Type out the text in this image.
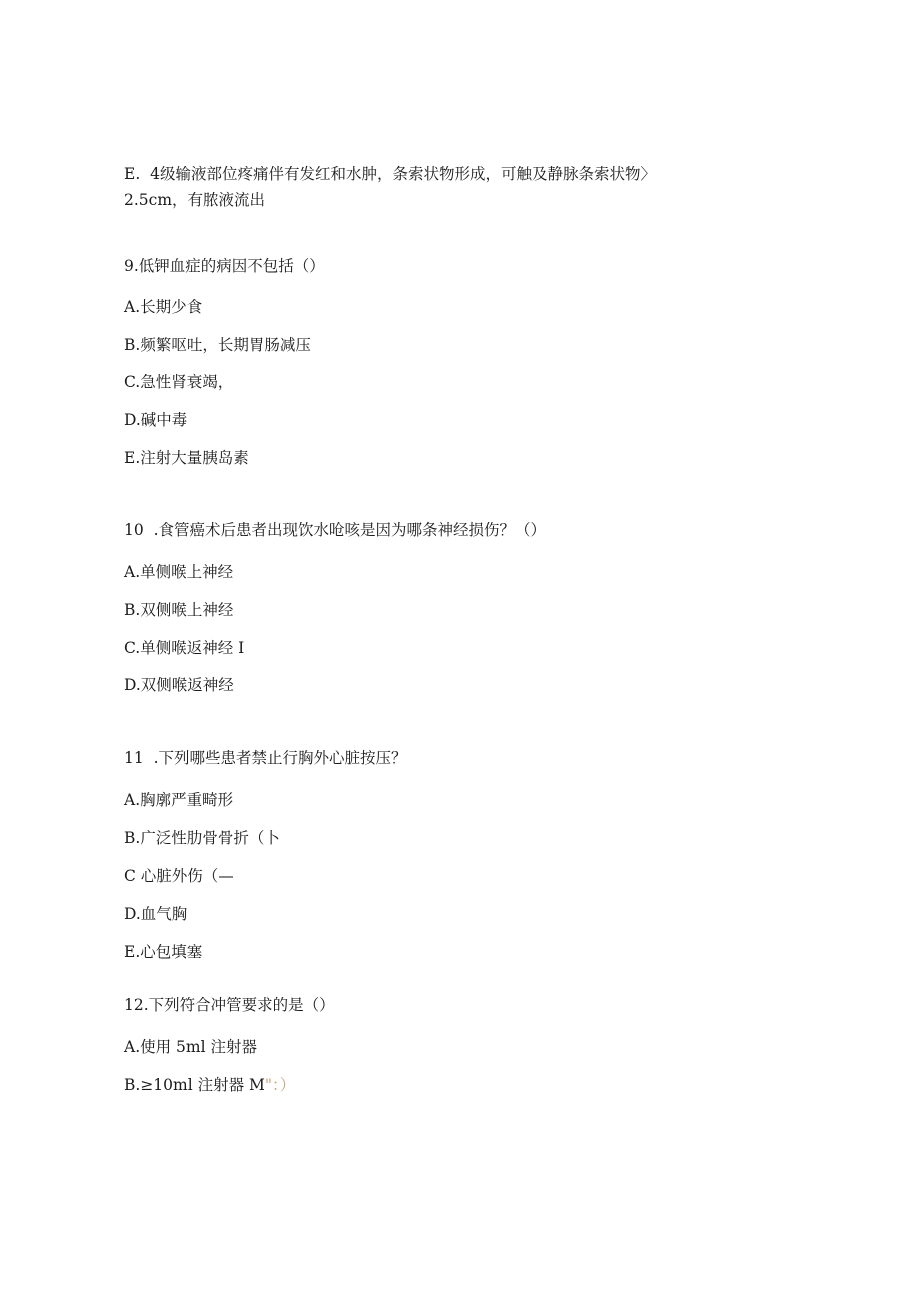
E.  4级输液部位疼痛伴有发红和水肿，条索状物形成，可触及静脉条索状物〉
2.5cm，有脓液流出
9.低钾血症的病因不包括（）
A.长期少食
B.频繁呕吐，长期胃肠减压
C.急性肾衰竭，
D.碱中毒
E.注射大量胰岛素
10  .食管癌术后患者出现饮水呛咳是因为哪条神经损伤？（）
A.单侧喉上神经
B.双侧喉上神经
C.单侧喉返神经 I
D.双侧喉返神经
11  .下列哪些患者禁止行胸外心脏按压？
A.胸廓严重畸形
B.广泛性肋骨骨折（卜
C 心脏外伤（—
D.血气胸
E.心包填塞
12.下列符合冲管要求的是（）
A.使用 5ml 注射器
B.≥10ml 注射器 M"：）
